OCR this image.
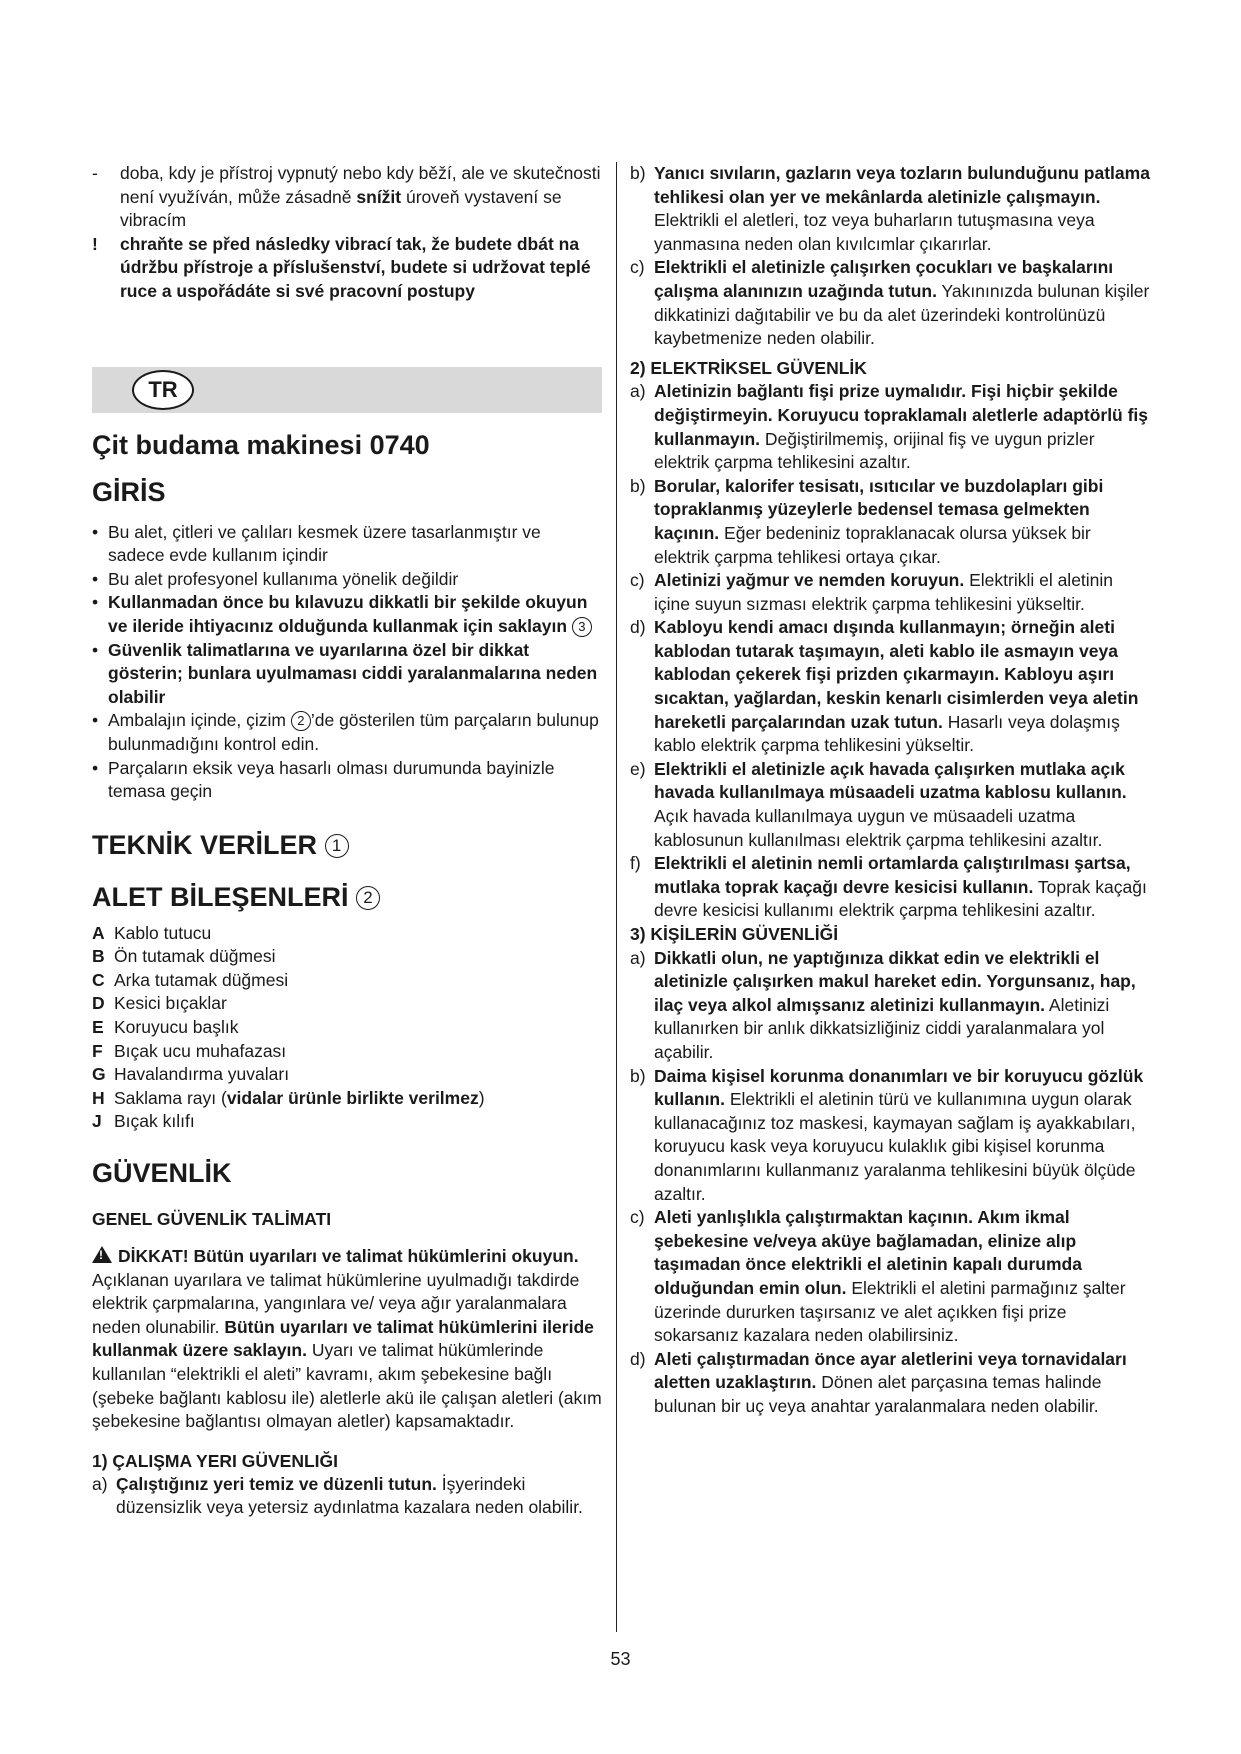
- doba, kdy je přístroj vypnutý nebo kdy běží, ale ve skutečnosti není využíván, může zásadně snížit úroveň vystavení se vibracím
! chraňte se před následky vibrací tak, že budete dbát na údržbu přístroje a příslušenství, budete si udržovat teplé ruce a uspořádáte si své pracovní postupy
TR
Çit budama makinesi 0740
GİRİS
• Bu alet, çitleri ve çalıları kesmek üzere tasarlanmıştır ve sadece evde kullanım içindir
• Bu alet profesyonel kullanıma yönelik değildir
• Kullanmadan önce bu kılavuzu dikkatli bir şekilde okuyun ve ileride ihtiyacınız olduğunda kullanmak için saklayın 3
• Güvenlik talimatlarına ve uyarılarına özel bir dikkat gösterin; bunlara uyulmaması ciddi yaralanmalarına neden olabilir
• Ambalajın içinde, çizim 2 ’de gösterilen tüm parçaların bulunup bulunmadığını kontrol edin.
• Parçaların eksik veya hasarlı olması durumunda bayinizle temasa geçin
TEKNİK VERİLER 1
ALET BİLEŞENLERİ 2
A Kablo tutucu
B Ön tutamak düğmesi
C Arka tutamak düğmesi
D Kesici bıçaklar
E Koruyucu başlık
F Bıçak ucu muhafazası
G Havalandırma yuvaları
H Saklama rayı (vidalar ürünle birlikte verilmez)
J Bıçak kılıfı
GÜVENLİK
GENEL GÜVENLİK TALİMATI

!DİKKAT! Bütün uyarıları ve talimat hükümlerini okuyun. Açıklanan uyarılara ve talimat hükümlerine uyulmadığı takdirde elektrik çarpmalarına, yangınlara ve/ veya ağır yaralanmalara neden olunabilir. Bütün uyarıları ve talimat hükümlerini ileride kullanmak üzere saklayın. Uyarı ve talimat hükümlerinde kullanılan “elektrikli el aleti” kavramı, akım şebekesine bağlı (şebeke bağlantı kablosu ile) aletlerle akü ile çalışan aletleri (akım şebekesine bağlantısı olmayan aletler) kapsamaktadır.

1) ÇALIŞMA YERI GÜVENLIĞI
a) Çalıştığınız yeri temiz ve düzenli tutun. İşyerindeki düzensizlik veya yetersiz aydınlatma kazalara neden olabilir.
b) Yanıcı sıvıların, gazların veya tozların bulunduğunu patlama tehlikesi olan yer ve mekânlarda aletinizle çalışmayın. Elektrikli el aletleri, toz veya buharların tutuşmasına veya yanmasına neden olan kıvılcımlar çıkarırlar.
c) Elektrikli el aletinizle çalışırken çocukları ve başkalarını çalışma alanınızın uzağında tutun. Yakınınızda bulunan kişiler dikkatinizi dağıtabilir ve bu da alet üzerindeki kontrolünüzü kaybetmenize neden olabilir.
2) ELEKTRİKSEL GÜVENLİK
a) Aletinizin bağlantı fişi prize uymalıdır. Fişi hiçbir şekilde değiştirmeyin. Koruyucu topraklamalı aletlerle adaptörlü fiş kullanmayın. Değiştirilmemiş, orijinal fiş ve uygun prizler elektrik çarpma tehlikesini azaltır.
b) Borular, kalorifer tesisatı, ısıtıcılar ve buzdolapları gibi topraklanmış yüzeylerle bedensel temasa gelmekten kaçının. Eğer bedeniniz topraklanacak olursa yüksek bir elektrik çarpma tehlikesi ortaya çıkar.
c) Aletinizi yağmur ve nemden koruyun. Elektrikli el aletinin içine suyun sızması elektrik çarpma tehlikesini yükseltir.
d) Kabloyu kendi amacı dışında kullanmayın; örneğin aleti kablodan tutarak taşımayın, aleti kablo ile asmayın veya kablodan çekerek fişi prizden çıkarmayın. Kabloyu aşırı sıcaktan, yağlardan, keskin kenarlı cisimlerden veya aletin hareketli parçalarından uzak tutun. Hasarlı veya dolaşmış kablo elektrik çarpma tehlikesini yükseltir.
e) Elektrikli el aletinizle açık havada çalışırken mutlaka açık havada kullanılmaya müsaadeli uzatma kablosu kullanın. Açık havada kullanılmaya uygun ve müsaadeli uzatma kablosunun kullanılması elektrik çarpma tehlikesini azaltır.
f) Elektrikli el aletinin nemli ortamlarda çalıştırılması şartsa, mutlaka toprak kaçağı devre kesicisi kullanın. Toprak kaçağı devre kesicisi kullanımı elektrik çarpma tehlikesini azaltır.
3) KİŞİLERİN GÜVENLİĞİ
a) Dikkatli olun, ne yaptığınıza dikkat edin ve elektrikli el aletinizle çalışırken makul hareket edin. Yorgunsanız, hap, ilaç veya alkol almışsanız aletinizi kullanmayın. Aletinizi kullanırken bir anlık dikkatsizliğiniz ciddi yaralanmalara yol açabilir.
b) Daima kişisel korunma donanımları ve bir koruyucu gözlük kullanın. Elektrikli el aletinin türü ve kullanımına uygun olarak kullanacağınız toz maskesi, kaymayan sağlam iş ayakkabıları, koruyucu kask veya koruyucu kulaklık gibi kişisel korunma donanımlarını kullanmanız yaralanma tehlikesini büyük ölçüde azaltır.
c) Aleti yanlışlıkla çalıştırmaktan kaçının. Akım ikmal şebekesine ve/veya aküye bağlamadan, elinize alıp taşımadan önce elektrikli el aletinin kapalı durumda olduğundan emin olun. Elektrikli el aletini parmağınız şalter üzerinde dururken taşırsanız ve alet açıkken fişi prize sokarsanız kazalara neden olabilirsiniz.
d) Aleti çalıştırmadan önce ayar aletlerini veya tornavidaları aletten uzaklaştırın. Dönen alet parçasına temas halinde bulunan bir uç veya anahtar yaralanmalara neden olabilir.
53
